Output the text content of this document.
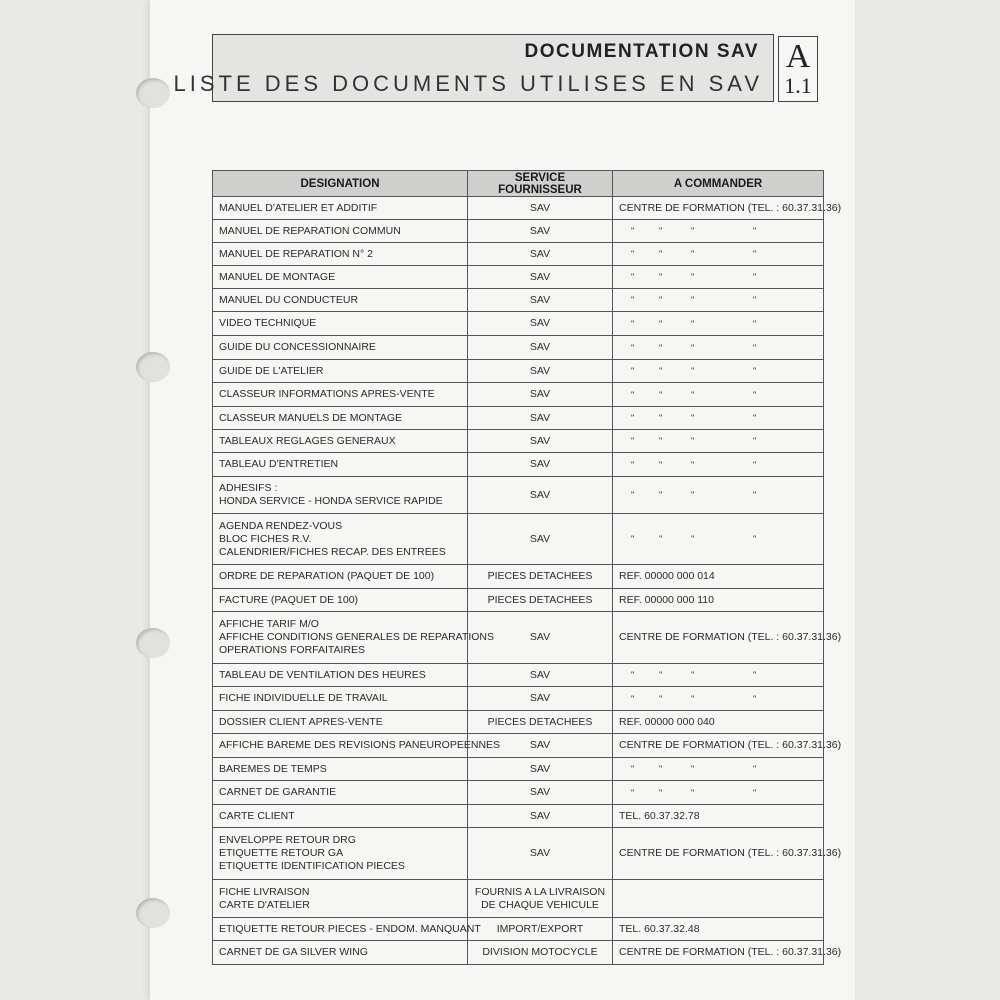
DOCUMENTATION SAV
LISTE DES DOCUMENTS UTILISES EN SAV
A
1.1
DESIGNATION	SERVICE FOURNISSEUR	A COMMANDER

MANUEL D'ATELIER ET ADDITIF	SAV	CENTRE DE FORMATION (TEL. : 60.37.31.36)

MANUEL DE REPARATION COMMUN	SAV	" " " "

MANUEL DE REPARATION N° 2	SAV	" " " "

MANUEL DE MONTAGE	SAV	" " " "

MANUEL DU CONDUCTEUR	SAV	" " " "

VIDEO TECHNIQUE	SAV	" " " "

GUIDE DU CONCESSIONNAIRE	SAV	" " " "

GUIDE DE L'ATELIER	SAV	" " " "

CLASSEUR INFORMATIONS APRES-VENTE	SAV	" " " "

CLASSEUR MANUELS DE MONTAGE	SAV	" " " "

TABLEAUX REGLAGES GENERAUX	SAV	" " " "

TABLEAU D'ENTRETIEN	SAV	" " " "

ADHESIFS :
HONDA SERVICE - HONDA SERVICE RAPIDE	SAV	" " " "

AGENDA RENDEZ-VOUS
BLOC FICHES R.V.
CALENDRIER/FICHES RECAP. DES ENTREES	SAV	" " " "

ORDRE DE REPARATION (PAQUET DE 100)	PIECES DETACHEES	REF. 00000 000 014

FACTURE (PAQUET DE 100)	PIECES DETACHEES	REF. 00000 000 110

AFFICHE TARIF M/O
AFFICHE CONDITIONS GENERALES DE REPARATIONS
OPERATIONS FORFAITAIRES	SAV	CENTRE DE FORMATION (TEL. : 60.37.31.36)

TABLEAU DE VENTILATION DES HEURES	SAV	" " " "

FICHE INDIVIDUELLE DE TRAVAIL	SAV	" " " "

DOSSIER CLIENT APRES-VENTE	PIECES DETACHEES	REF. 00000 000 040

AFFICHE BAREME DES REVISIONS PANEUROPEENNES	SAV	CENTRE DE FORMATION (TEL. : 60.37.31.36)

BAREMES DE TEMPS	SAV	" " " "

CARNET DE GARANTIE	SAV	" " " "

CARTE CLIENT	SAV	TEL. 60.37.32.78

ENVELOPPE RETOUR DRG
ETIQUETTE RETOUR GA
ETIQUETTE IDENTIFICATION PIECES	SAV	CENTRE DE FORMATION (TEL. : 60.37.31.36)

FICHE LIVRAISON
CARTE D'ATELIER	FOURNIS A LA LIVRAISON
DE CHAQUE VEHICULE	

ETIQUETTE RETOUR PIECES - ENDOM. MANQUANT	IMPORT/EXPORT	TEL. 60.37.32.48

CARNET DE GA SILVER WING	DIVISION MOTOCYCLE	CENTRE DE FORMATION (TEL. : 60.37.31.36)
